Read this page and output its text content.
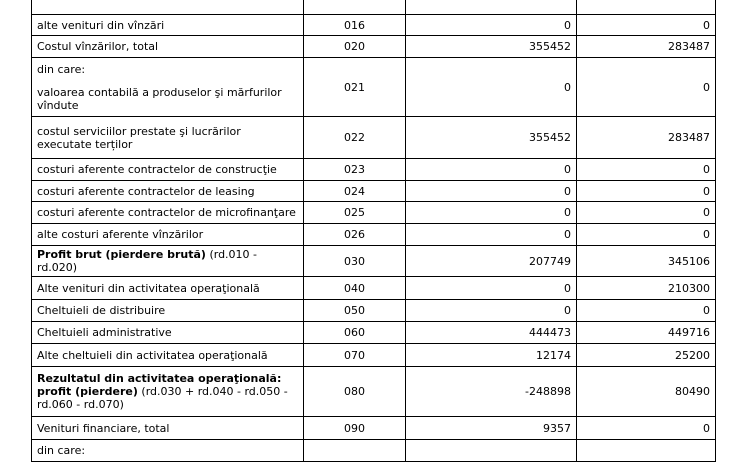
alte venituri din vînzări	016	0	0
Costul vînzărilor, total	020	355452	283487

din care:
valoarea contabilă a produselor şi mărfurilor vîndute	021	0	0
costul serviciilor prestate şi lucrărilor executate terților	022	355452	283487
costuri aferente contractelor de construcţie	023	0	0
costuri aferente contractelor de leasing	024	0	0
costuri aferente contractelor de microfinanţare	025	0	0
alte costuri aferente vînzărilor	026	0	0
Profit brut (pierdere brută) (rd.010 - rd.020)	030	207749	345106
Alte venituri din activitatea operaţională	040	0	210300
Cheltuieli de distribuire	050	0	0
Cheltuieli administrative	060	444473	449716
Alte cheltuieli din activitatea operaţională	070	12174	25200
Rezultatul din activitatea operaţională: profit (pierdere) (rd.030 + rd.040 - rd.050 - rd.060 - rd.070)	080	-248898	80490
Venituri financiare, total	090	9357	0
din care:			
